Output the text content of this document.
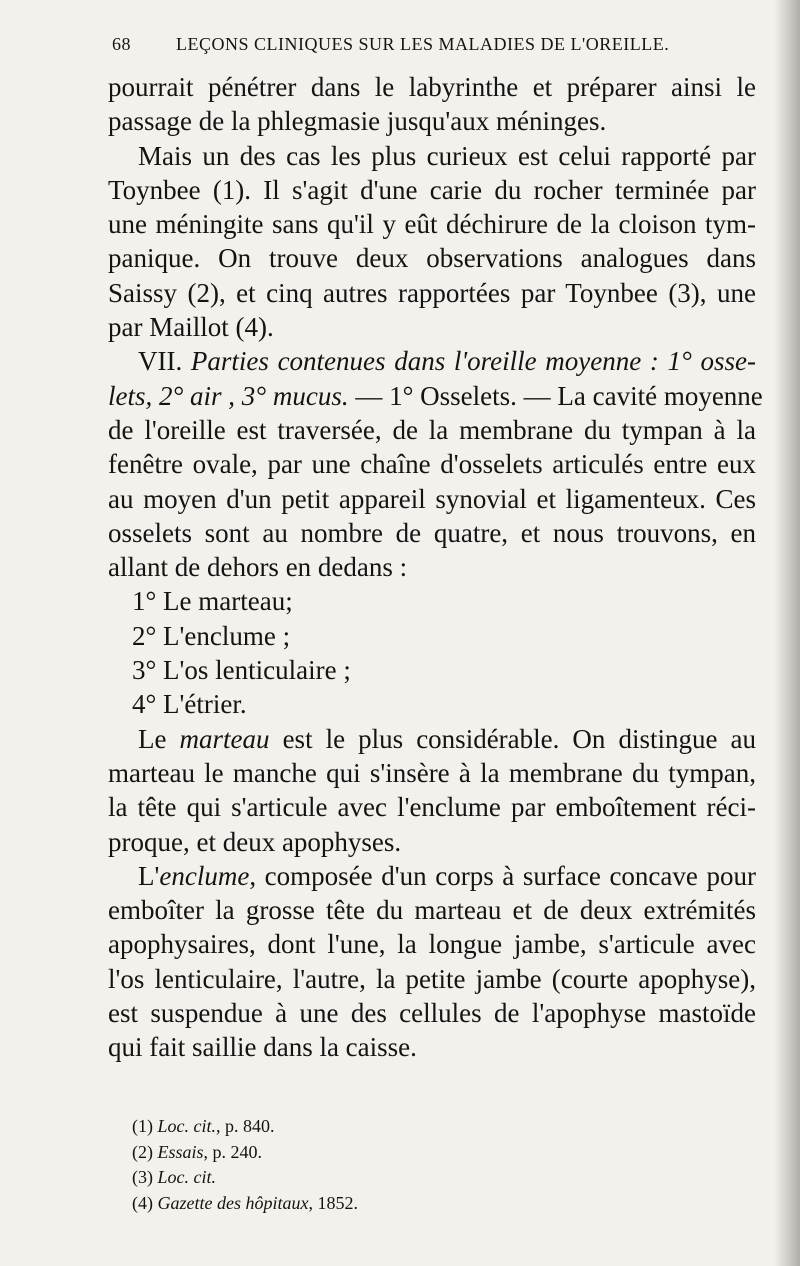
68	LEÇONS CLINIQUES SUR LES MALADIES DE L'OREILLE.
pourrait pénétrer dans le labyrinthe et préparer ainsi le
passage de la phlegmasie jusqu'aux méninges.
Mais un des cas les plus curieux est celui rapporté par
Toynbee (1). Il s'agit d'une carie du rocher terminée par
une méningite sans qu'il y eût déchirure de la cloison tym-
panique. On trouve deux observations analogues dans
Saissy (2), et cinq autres rapportées par Toynbee (3), une
par Maillot (4).
VII. Parties contenues dans l'oreille moyenne : 1° osse-
lets, 2° air , 3° mucus. — 1° Osselets. — La cavité moyenne
de l'oreille est traversée, de la membrane du tympan à la
fenêtre ovale, par une chaîne d'osselets articulés entre eux
au moyen d'un petit appareil synovial et ligamenteux. Ces
osselets sont au nombre de quatre, et nous trouvons, en
allant de dehors en dedans :
1° Le marteau;
2° L'enclume ;
3° L'os lenticulaire ;
4° L'étrier.
Le marteau est le plus considérable. On distingue au
marteau le manche qui s'insère à la membrane du tympan,
la tête qui s'articule avec l'enclume par emboîtement réci-
proque, et deux apophyses.
L'enclume, composée d'un corps à surface concave pour
emboîter la grosse tête du marteau et de deux extrémités
apophysaires, dont l'une, la longue jambe, s'articule avec
l'os lenticulaire, l'autre, la petite jambe (courte apophyse),
est suspendue à une des cellules de l'apophyse mastoïde
qui fait saillie dans la caisse.
(1) Loc. cit., p. 840.
(2) Essais, p. 240.
(3) Loc. cit.
(4) Gazette des hôpitaux, 1852.
